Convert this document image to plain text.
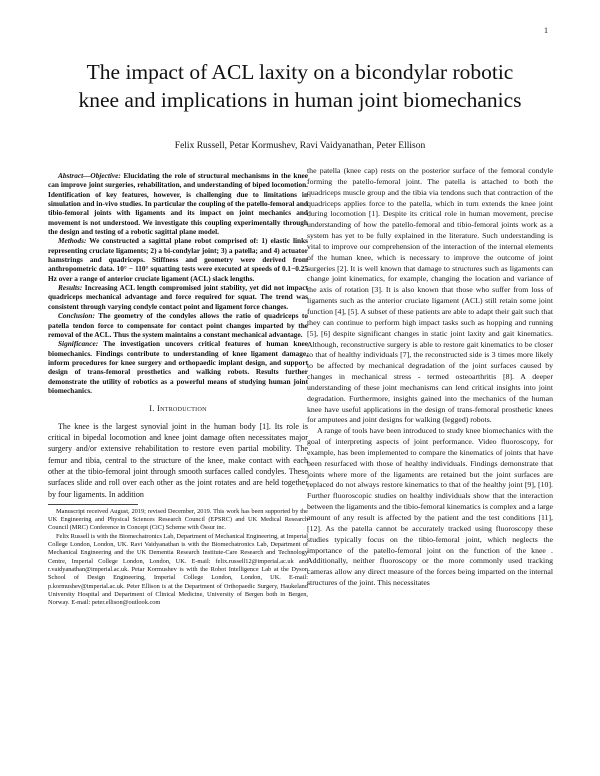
1
The impact of ACL laxity on a bicondylar robotic
knee and implications in human joint biomechanics
Felix Russell, Petar Kormushev, Ravi Vaidyanathan, Peter Ellison

Abstract—Objective: Elucidating the role of structural mechanisms in the knee can improve joint surgeries, rehabilitation, and understanding of biped locomotion. Identification of key features, however, is challenging due to limitations in simulation and in-vivo studies. In particular the coupling of the patello-femoral and tibio-femoral joints with ligaments and its impact on joint mechanics and movement is not understood. We investigate this coupling experimentally through the design and testing of a robotic sagittal plane model.

Methods: We constructed a sagittal plane robot comprised of: 1) elastic links representing cruciate ligaments; 2) a bi-condylar joint; 3) a patella; and 4) actuator hamstrings and quadriceps. Stiffness and geometry were derived from anthropometric data. 10° − 110° squatting tests were executed at speeds of 0.1−0.25 Hz over a range of anterior cruciate ligament (ACL) slack lengths.

Results: Increasing ACL length compromised joint stability, yet did not impact quadriceps mechanical advantage and force required for squat. The trend was consistent through varying condyle contact point and ligament force changes.

Conclusion: The geometry of the condyles allows the ratio of quadriceps to patella tendon force to compensate for contact point changes imparted by the removal of the ACL. Thus the system maintains a constant mechanical advantage.

Significance: The investigation uncovers critical features of human knee biomechanics. Findings contribute to understanding of knee ligament damage, inform procedures for knee surgery and orthopaedic implant design, and support design of trans-femoral prosthetics and walking robots. Results further demonstrate the utility of robotics as a powerful means of studying human joint biomechanics.

I. Introduction

The knee is the largest synovial joint in the human body [1]. Its role is critical in bipedal locomotion and knee joint damage often necessitates major surgery and/or extensive rehabilitation to restore even partial mobility. The femur and tibia, central to the structure of the knee, make contact with each other at the tibio-femoral joint through smooth surfaces called condyles. These surfaces slide and roll over each other as the joint rotates and are held together by four ligaments. In addition

Manuscript received August, 2019; revised December, 2019. This work has been supported by the UK Engineering and Physical Sciences Research Council (EPSRC) and UK Medical Research Council (MRC) Conference in Concept (CiC) Scheme with Össur inc.

Felix Russell is with the Biomechatronics Lab, Department of Mechanical Engineering, at Imperial College London, London, UK. Ravi Vaidyanathan is with the Biomechatronics Lab, Department of Mechanical Engineering and the UK Dementia Research Institute-Care Research and Technology Centre, Imperial College London, London, UK. E-mail: felix.russell12@imperial.ac.uk and r.vaidyanathan@imperial.ac.uk. Petar Kormushev is with the Robot Intelligence Lab at the Dyson School of Design Engineering, Imperial College London, London, UK. E-mail: p.kormushev@imperial.ac.uk. Peter Ellison is at the Department of Orthopaedic Surgery, Haukeland University Hospital and Department of Clinical Medicine, University of Bergen both in Bergen, Norway. E-mail: peter.ellison@outlook.com

the patella (knee cap) rests on the posterior surface of the femoral condyle forming the patello-femoral joint. The patella is attached to both the quadriceps muscle group and the tibia via tendons such that contraction of the quadriceps applies force to the patella, which in turn extends the knee joint during locomotion [1]. Despite its critical role in human movement, precise understanding of how the patello-femoral and tibio-femoral joints work as a system has yet to be fully explained in the literature. Such understanding is vital to improve our comprehension of the interaction of the internal elements of the human knee, which is necessary to improve the outcome of joint surgeries [2]. It is well known that damage to structures such as ligaments can change joint kinematics, for example, changing the location and variance of the axis of rotation [3]. It is also known that those who suffer from loss of ligaments such as the anterior cruciate ligament (ACL) still retain some joint function [4], [5]. A subset of these patients are able to adapt their gait such that they can continue to perform high impact tasks such as hopping and running [5], [6] despite significant changes in static joint laxity and gait kinematics. Although, reconstructive surgery is able to restore gait kinematics to be closer to that of healthy individuals [7], the reconstructed side is 3 times more likely to be affected by mechanical degradation of the joint surfaces caused by changes in mechanical stress - termed osteoarthritis [8]. A deeper understanding of these joint mechanisms can lend critical insights into joint degradation. Furthermore, insights gained into the mechanics of the human knee have useful applications in the design of trans-femoral prosthetic knees for amputees and joint designs for walking (legged) robots.

A range of tools have been introduced to study knee biomechanics with the goal of interpreting aspects of joint performance. Video fluoroscopy, for example, has been implemented to compare the kinematics of joints that have been resurfaced with those of healthy individuals. Findings demonstrate that joints where more of the ligaments are retained but the joint surfaces are replaced do not always restore kinematics to that of the healthy joint [9], [10]. Further fluoroscopic studies on healthy individuals show that the interaction between the ligaments and the tibio-femoral kinematics is complex and a large amount of any result is affected by the patient and the test conditions [11], [12]. As the patella cannot be accurately tracked using fluoroscopy these studies typically focus on the tibio-femoral joint, which neglects the importance of the patello-femoral joint on the function of the knee . Additionally, neither fluoroscopy or the more commonly used tracking cameras allow any direct measure of the forces being imparted on the internal structures of the joint. This necessitates
